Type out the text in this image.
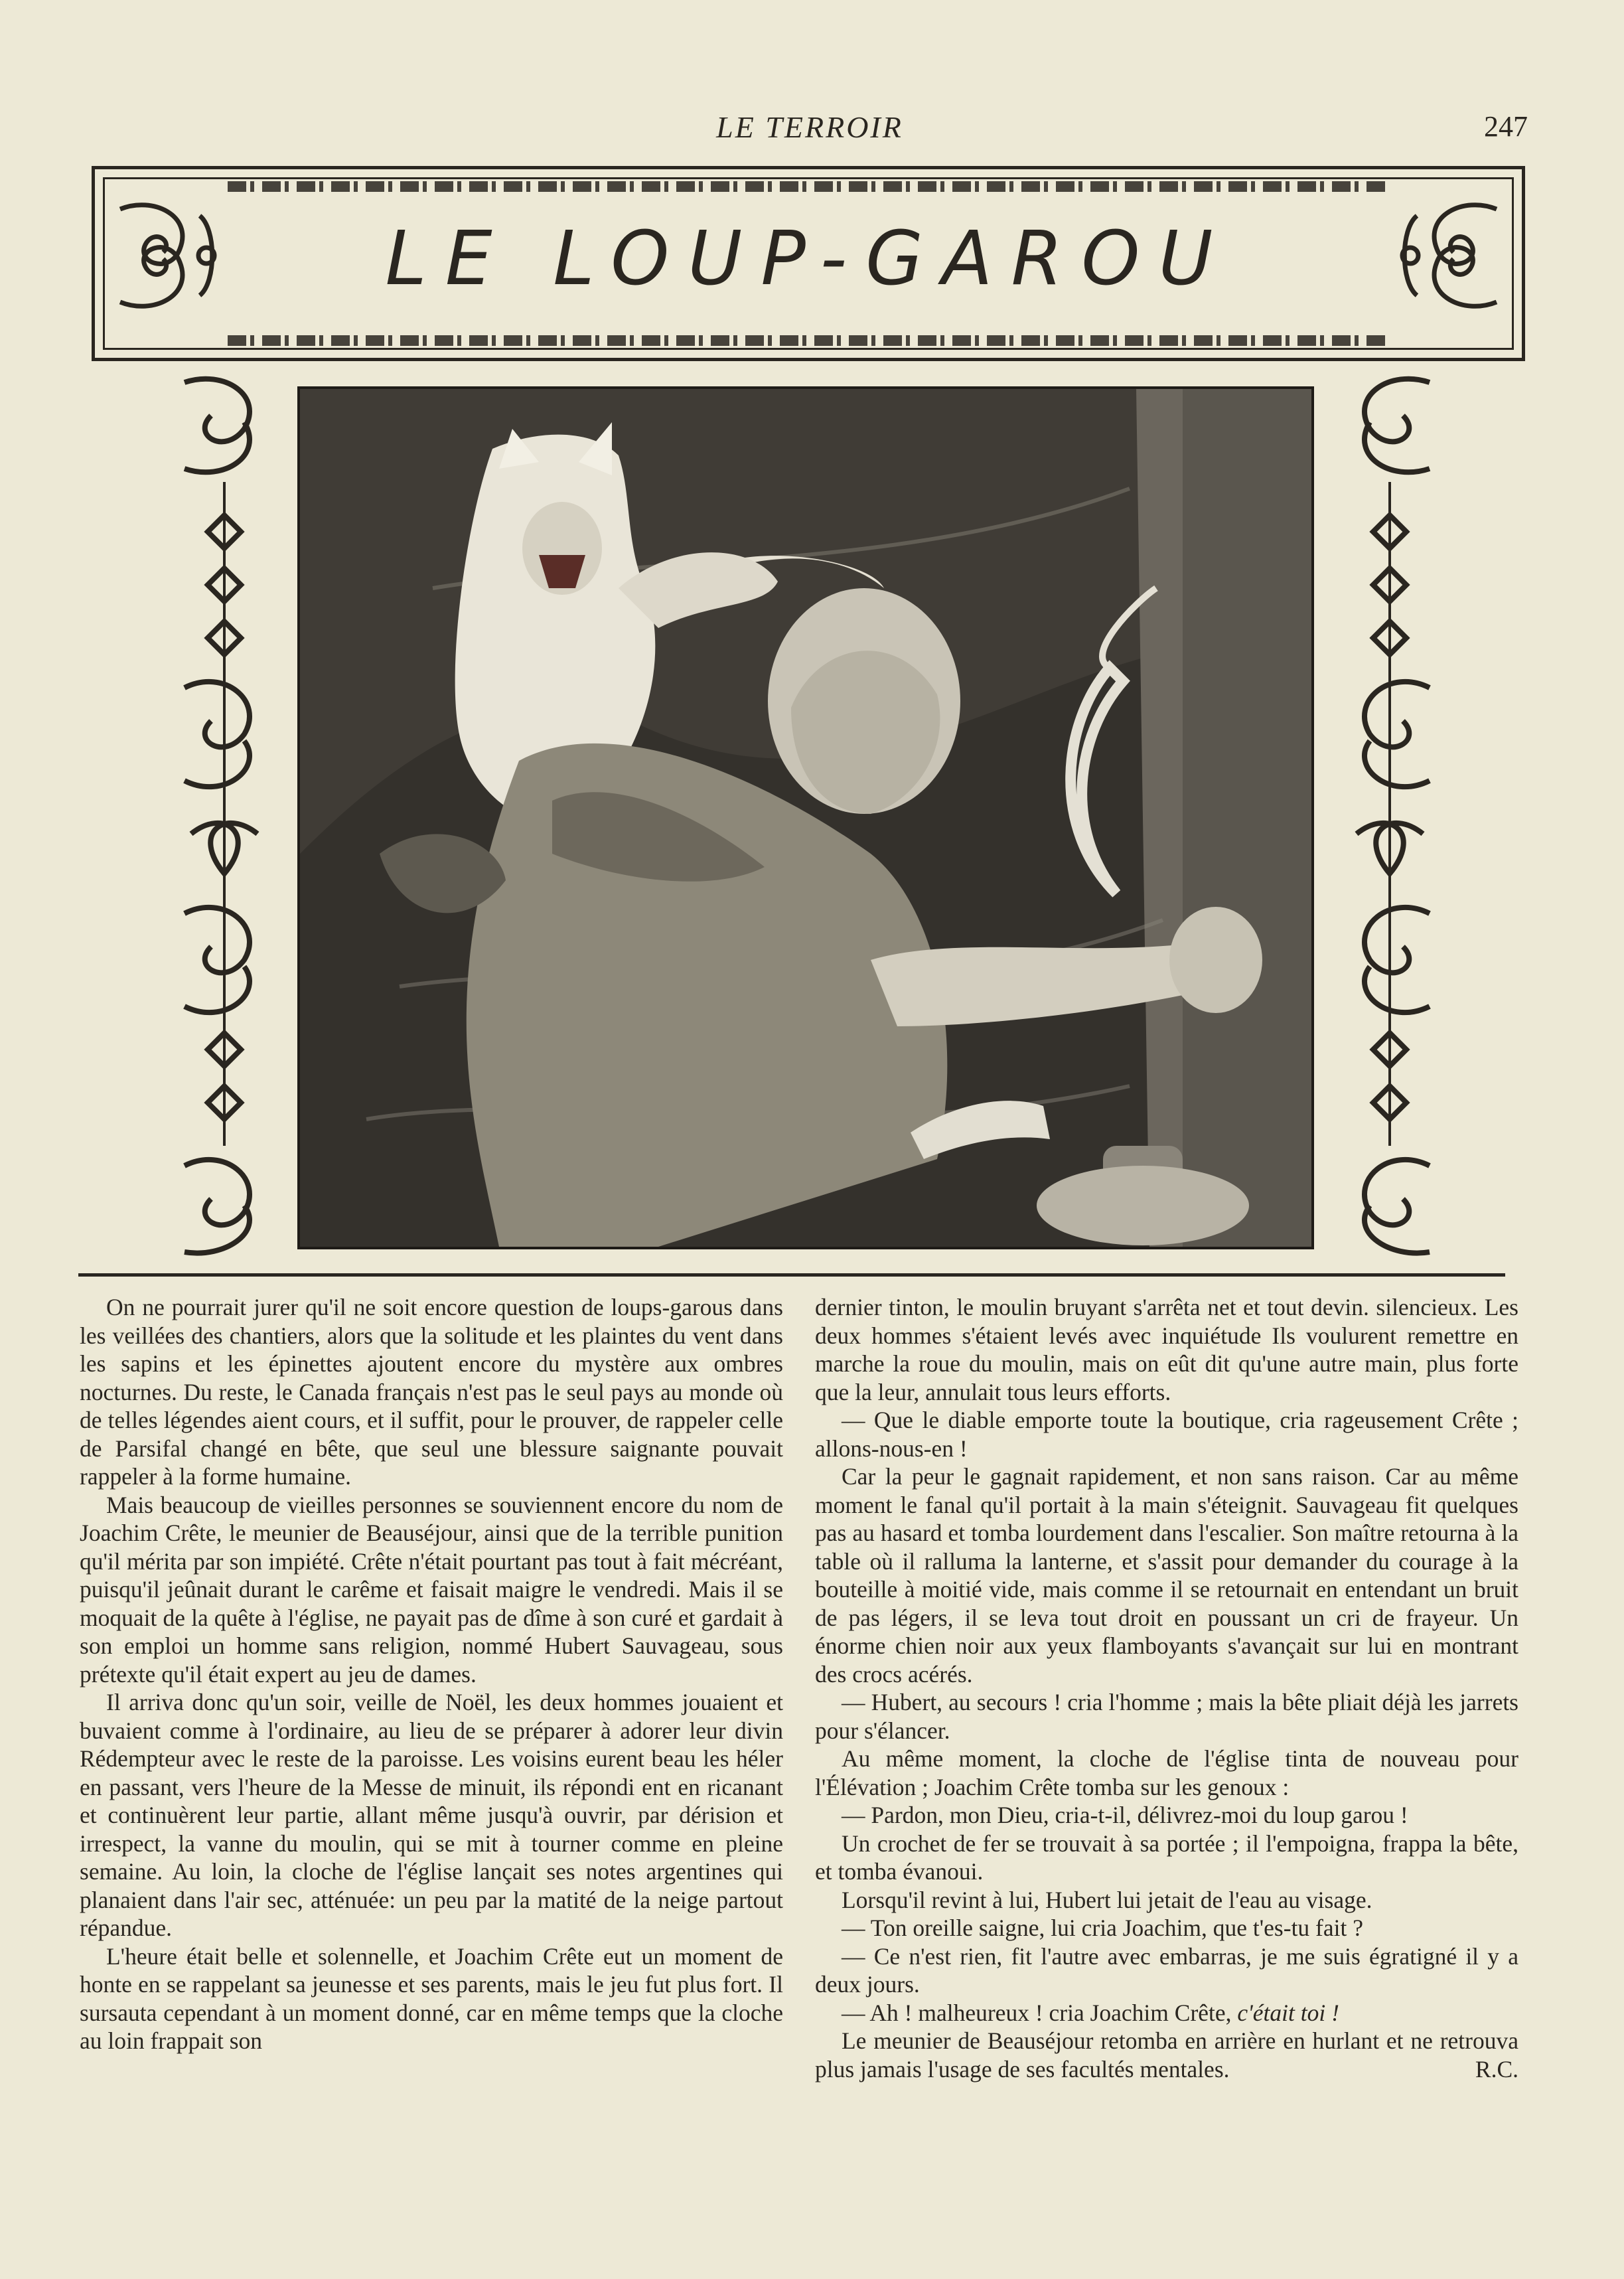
LE TERROIR	247
LE LOUP-GAROU

On ne pourrait jurer qu'il ne soit encore question de loups-garous dans les veillées des chantiers, alors que la solitude et les plaintes du vent dans les sapins et les épinettes ajoutent encore du mystère aux ombres nocturnes. Du reste, le Canada français n'est pas le seul pays au monde où de telles légendes aient cours, et il suffit, pour le prouver, de rappeler celle de Parsifal changé en bête, que seul une blessure saignante pouvait rappeler à la forme humaine.

Mais beaucoup de vieilles personnes se souviennent encore du nom de Joachim Crête, le meunier de Beauséjour, ainsi que de la terrible punition qu'il mérita par son impiété. Crête n'était pourtant pas tout à fait mécréant, puisqu'il jeûnait durant le carême et faisait maigre le vendredi. Mais il se moquait de la quête à l'église, ne payait pas de dîme à son curé et gardait à son emploi un homme sans religion, nommé Hubert Sauvageau, sous prétexte qu'il était expert au jeu de dames.

Il arriva donc qu'un soir, veille de Noël, les deux hommes jouaient et buvaient comme à l'ordinaire, au lieu de se préparer à adorer leur divin Rédempteur avec le reste de la paroisse. Les voisins eurent beau les héler en passant, vers l'heure de la Messe de minuit, ils répondi ent en ricanant et continuèrent leur partie, allant même jusqu'à ouvrir, par dérision et irrespect, la vanne du moulin, qui se mit à tourner comme en pleine semaine. Au loin, la cloche de l'église lançait ses notes argentines qui planaient dans l'air sec, atténuée: un peu par la matité de la neige partout répandue.

L'heure était belle et solennelle, et Joachim Crête eut un moment de honte en se rappelant sa jeunesse et ses parents, mais le jeu fut plus fort. Il sursauta cependant à un moment donné, car en même temps que la cloche au loin frappait son

dernier tinton, le moulin bruyant s'arrêta net et tout devin. silencieux. Les deux hommes s'étaient levés avec inquiétude Ils voulurent remettre en marche la roue du moulin, mais on eût dit qu'une autre main, plus forte que la leur, annulait tous leurs efforts.

— Que le diable emporte toute la boutique, cria rageusement Crête ; allons-nous-en !

Car la peur le gagnait rapidement, et non sans raison. Car au même moment le fanal qu'il portait à la main s'éteignit. Sauvageau fit quelques pas au hasard et tomba lourdement dans l'escalier. Son maître retourna à la table où il ralluma la lanterne, et s'assit pour demander du courage à la bouteille à moitié vide, mais comme il se retournait en entendant un bruit de pas légers, il se leva tout droit en poussant un cri de frayeur. Un énorme chien noir aux yeux flamboyants s'avançait sur lui en montrant des crocs acérés.

— Hubert, au secours ! cria l'homme ; mais la bête pliait déjà les jarrets pour s'élancer.

Au même moment, la cloche de l'église tinta de nouveau pour l'Élévation ; Joachim Crête tomba sur les genoux :

— Pardon, mon Dieu, cria-t-il, délivrez-moi du loup garou !

Un crochet de fer se trouvait à sa portée ; il l'empoigna, frappa la bête, et tomba évanoui.

Lorsqu'il revint à lui, Hubert lui jetait de l'eau au visage.

— Ton oreille saigne, lui cria Joachim, que t'es-tu fait ?

— Ce n'est rien, fit l'autre avec embarras, je me suis égratigné il y a deux jours.

— Ah ! malheureux ! cria Joachim Crête, c'était toi !

Le meunier de Beauséjour retomba en arrière en hurlant et ne retrouva plus jamais l'usage de ses facultés mentales.	R.C.
